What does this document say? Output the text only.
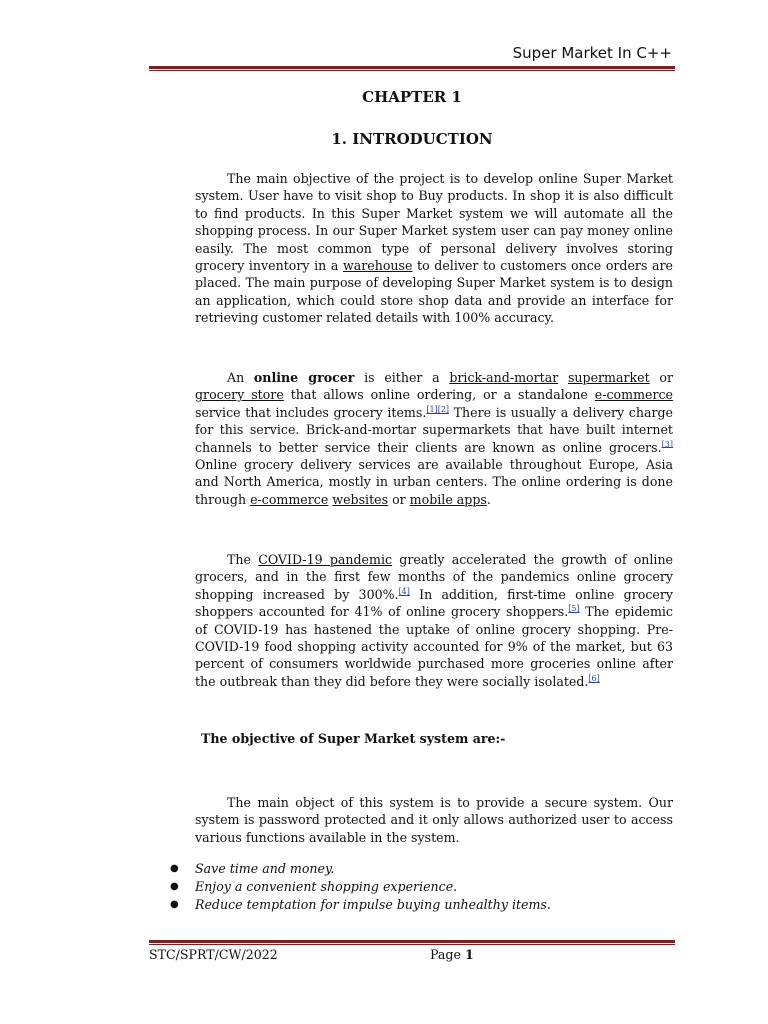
Super Market In C++
CHAPTER 1
1. INTRODUCTION

The main objective of the project is to develop online Super Market system. User have to visit shop to Buy products. In shop it is also difficult to find products. In this Super Market system we will automate all the shopping process. In our Super Market system user can pay money online easily. The most common type of personal delivery involves storing grocery inventory in a warehouse to deliver to customers once orders are placed. The main purpose of developing Super Market system is to design an application, which could store shop data and provide an interface for retrieving customer related details with 100% accuracy.

An online grocer is either a brick-and-mortar supermarket or grocery store that allows online ordering, or a standalone e-commerce service that includes grocery items.[1][2] There is usually a delivery charge for this service. Brick-and-mortar supermarkets that have built internet channels to better service their clients are known as online grocers.[3] Online grocery delivery services are available throughout Europe, Asia and North America, mostly in urban centers. The online ordering is done through e-commerce websites or mobile apps.

The COVID-19 pandemic greatly accelerated the growth of online grocers, and in the first few months of the pandemics online grocery shopping increased by 300%.[4] In addition, first-time online grocery shoppers accounted for 41% of online grocery shoppers.[5] The epidemic of COVID-19 has hastened the uptake of online grocery shopping. Pre-COVID-19 food shopping activity accounted for 9% of the market, but 63 percent of consumers worldwide purchased more groceries online after the outbreak than they did before they were socially isolated.[6]

The objective of Super Market system are:-

The main object of this system is to provide a secure system. Our system is password protected and it only allows authorized user to access various functions available in the system.

● Save time and money.
● Enjoy a convenient shopping experience.
● Reduce temptation for impulse buying unhealthy items.
STC/SPRT/CW/2022	Page 1
